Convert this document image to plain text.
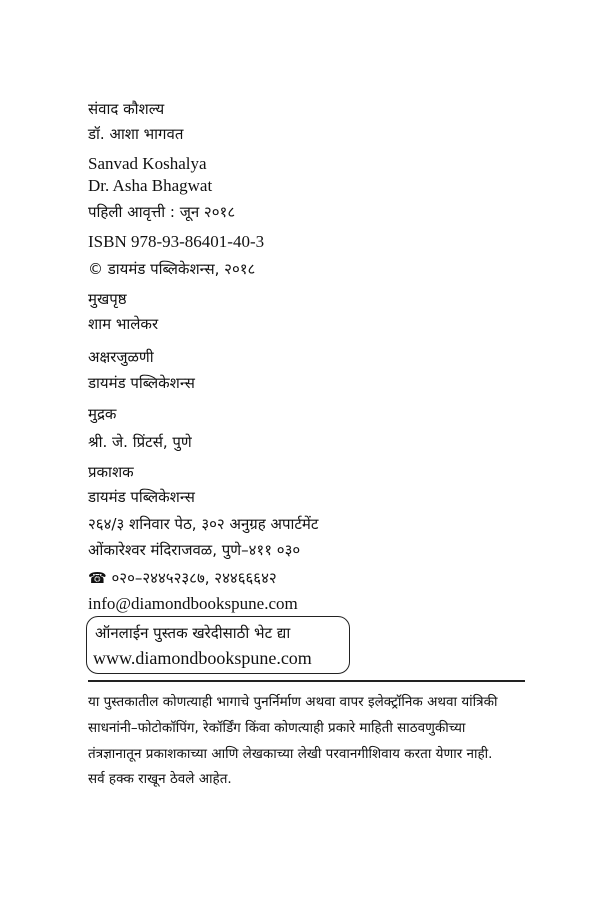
संवाद कौशल्य
डॉ. आशा भागवत
Sanvad Koshalya
Dr. Asha Bhagwat
पहिली आवृत्ती : जून २०१८
ISBN 978-93-86401-40-3
© डायमंड पब्लिकेशन्स, २०१८
मुखपृष्ठ
शाम भालेकर
अक्षरजुळणी
डायमंड पब्लिकेशन्स
मुद्रक
श्री. जे. प्रिंटर्स, पुणे
प्रकाशक
डायमंड पब्लिकेशन्स
२६४/३ शनिवार पेठ, ३०२ अनुग्रह अपार्टमेंट
ओंकारेश्वर मंदिराजवळ, पुणे–४११ ०३०
☎ ०२०–२४४५२३८७, २४४६६६४२
info@diamondbookspune.com
ऑनलाईन पुस्तक खरेदीसाठी भेट द्या
www.diamondbookspune.com
या पुस्तकातील कोणत्याही भागाचे पुनर्निर्माण अथवा वापर इलेक्ट्रॉनिक अथवा यांत्रिकी
साधनांनी–फोटोकॉपिंग, रेकॉर्डिंग किंवा कोणत्याही प्रकारे माहिती साठवणुकीच्या
तंत्रज्ञानातून प्रकाशकाच्या आणि लेखकाच्या लेखी परवानगीशिवाय करता येणार नाही.
सर्व हक्क राखून ठेवले आहेत.
